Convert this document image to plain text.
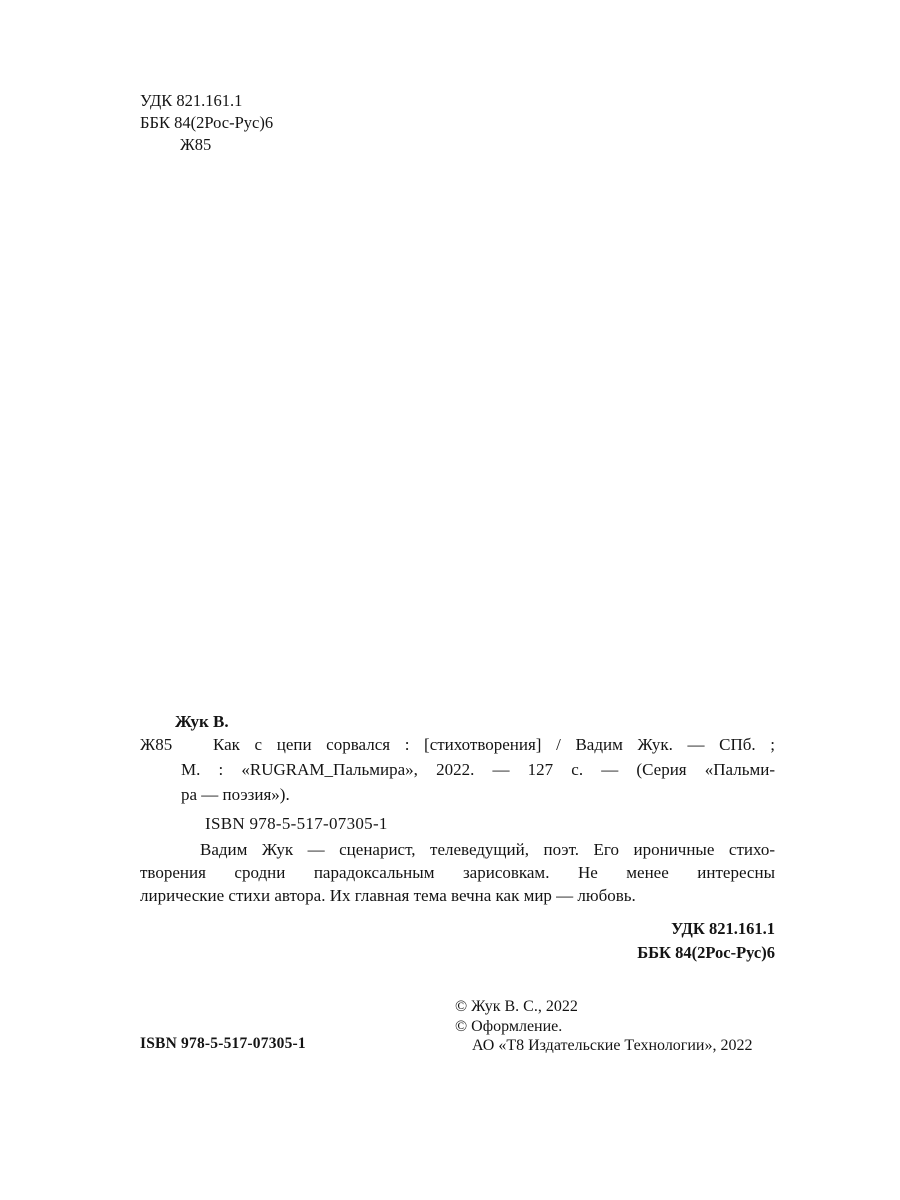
УДК 821.161.1
ББК 84(2Рос-Рус)6
Ж85
Жук В.
Ж85 Как с цепи сорвался : [стихотворения] / Вадим Жук. — СПб. ;
М. : «RUGRAM_Пальмира», 2022. — 127 с. — (Серия «Пальми-
ра — поэзия»).
ISBN 978-5-517-07305-1
Вадим Жук — сценарист, телеведущий, поэт. Его ироничные стихо-
творения сродни парадоксальным зарисовкам. Не менее интересны
лирические стихи автора. Их главная тема вечна как мир — любовь.
УДК 821.161.1
ББК 84(2Рос-Рус)6
© Жук В. С., 2022
© Оформление.
АО «Т8 Издательские Технологии», 2022
ISBN 978-5-517-07305-1
